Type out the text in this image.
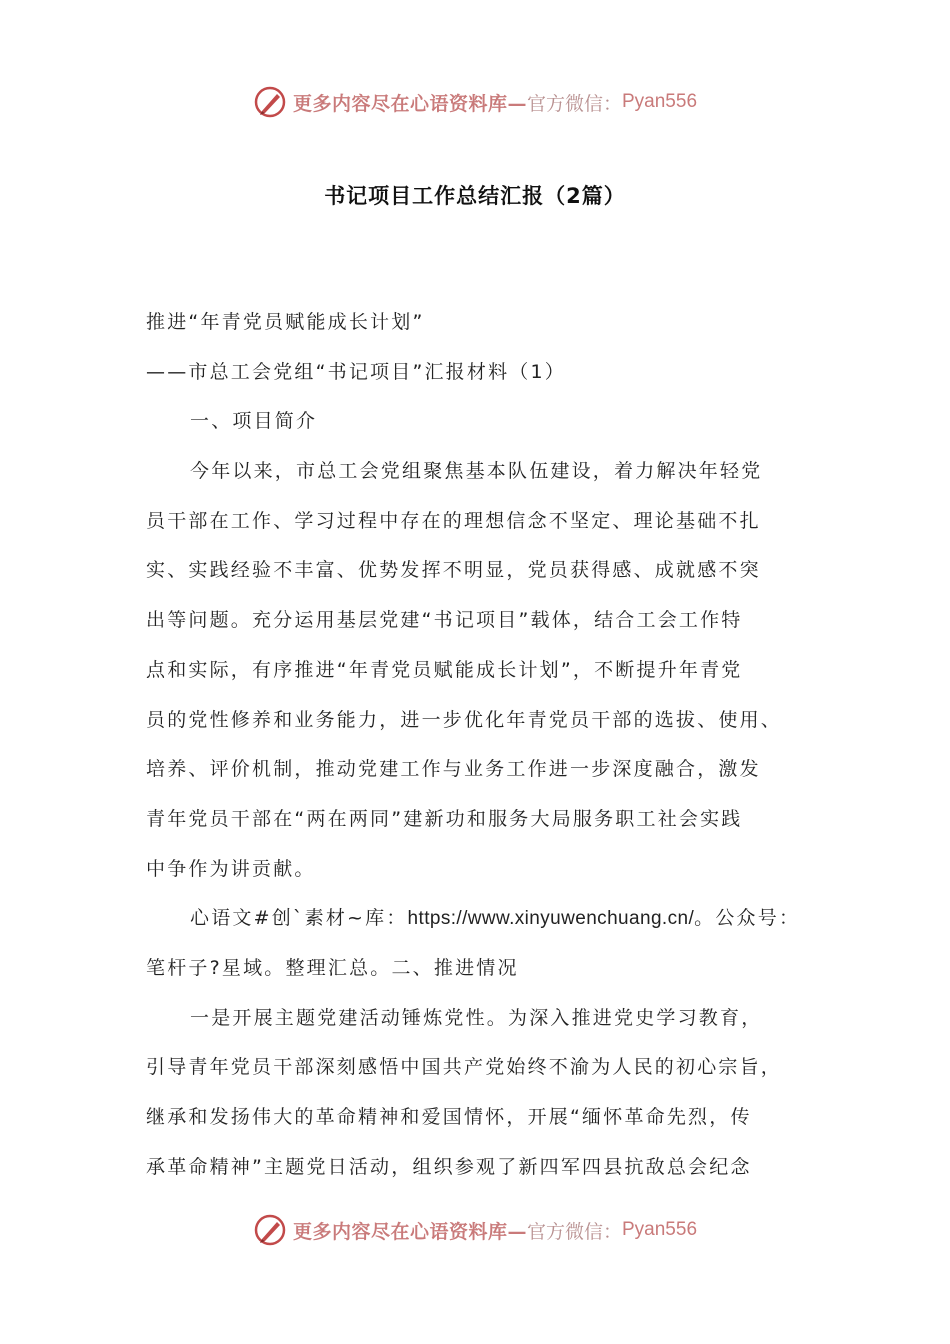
更多内容尽在心语资料库— 官方微信： Pyan556
书记项目工作总结汇报（2篇）
推进“年青党员赋能成长计划”
——市总工会党组“书记项目”汇报材料（1）
一、项目简介
今年以来，市总工会党组聚焦基本队伍建设，着力解决年轻党
员干部在工作、学习过程中存在的理想信念不坚定、理论基础不扎
实、实践经验不丰富、优势发挥不明显，党员获得感、成就感不突
出等问题。充分运用基层党建“书记项目”载体，结合工会工作特
点和实际，有序推进“年青党员赋能成长计划”，不断提升年青党
员的党性修养和业务能力，进一步优化年青党员干部的选拔、使用、
培养、评价机制，推动党建工作与业务工作进一步深度融合，激发
青年党员干部在“两在两同”建新功和服务大局服务职工社会实践
中争作为讲贡献。
心语文#创`素材~库：https://www.xinyuwenchuang.cn/。公众号：
笔杆子?星域。整理汇总。二、推进情况
一是开展主题党建活动锤炼党性。为深入推进党史学习教育，
引导青年党员干部深刻感悟中国共产党始终不渝为人民的初心宗旨，
继承和发扬伟大的革命精神和爱国情怀，开展“缅怀革命先烈，传
承革命精神”主题党日活动，组织参观了新四军四县抗敌总会纪念
更多内容尽在心语资料库— 官方微信： Pyan556
